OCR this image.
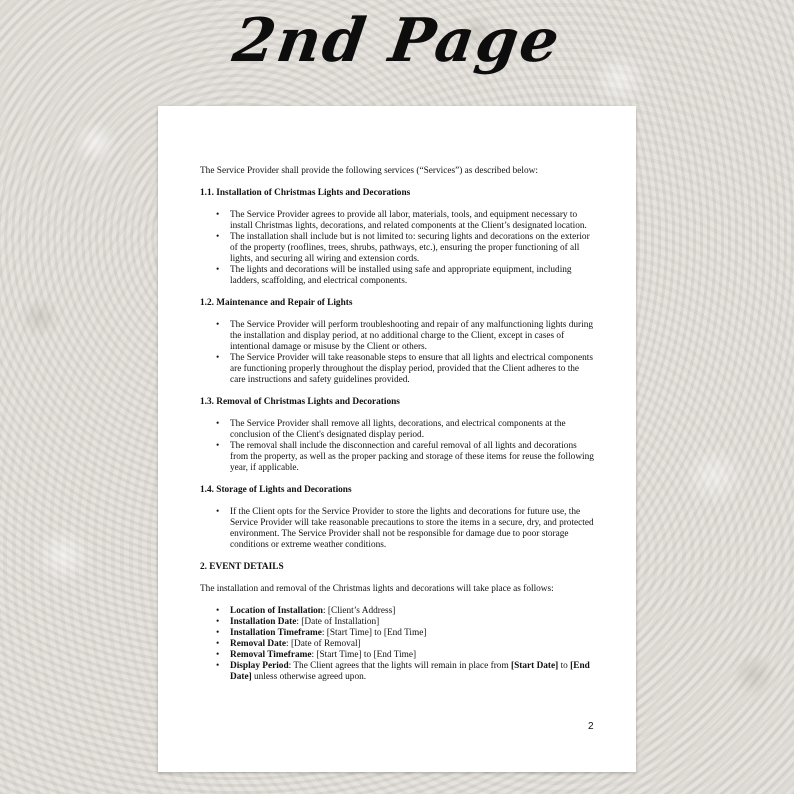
2nd Page

The Service Provider shall provide the following services (“Services”) as described below:

1.1. Installation of Christmas Lights and Decorations
• The Service Provider agrees to provide all labor, materials, tools, and equipment necessary to install Christmas lights, decorations, and related components at the Client’s designated location.
• The installation shall include but is not limited to: securing lights and decorations on the exterior of the property (rooflines, trees, shrubs, pathways, etc.), ensuring the proper functioning of all lights, and securing all wiring and extension cords.
• The lights and decorations will be installed using safe and appropriate equipment, including ladders, scaffolding, and electrical components.
1.2. Maintenance and Repair of Lights
• The Service Provider will perform troubleshooting and repair of any malfunctioning lights during the installation and display period, at no additional charge to the Client, except in cases of intentional damage or misuse by the Client or others.
• The Service Provider will take reasonable steps to ensure that all lights and electrical components are functioning properly throughout the display period, provided that the Client adheres to the care instructions and safety guidelines provided.
1.3. Removal of Christmas Lights and Decorations
• The Service Provider shall remove all lights, decorations, and electrical components at the conclusion of the Client's designated display period.
• The removal shall include the disconnection and careful removal of all lights and decorations from the property, as well as the proper packing and storage of these items for reuse the following year, if applicable.
1.4. Storage of Lights and Decorations
• If the Client opts for the Service Provider to store the lights and decorations for future use, the Service Provider will take reasonable precautions to store the items in a secure, dry, and protected environment. The Service Provider shall not be responsible for damage due to poor storage conditions or extreme weather conditions.
2. EVENT DETAILS

The installation and removal of the Christmas lights and decorations will take place as follows:

• Location of Installation: [Client’s Address]
• Installation Date: [Date of Installation]
• Installation Timeframe: [Start Time] to [End Time]
• Removal Date: [Date of Removal]
• Removal Timeframe: [Start Time] to [End Time]
• Display Period: The Client agrees that the lights will remain in place from [Start Date] to [End Date] unless otherwise agreed upon.
2
